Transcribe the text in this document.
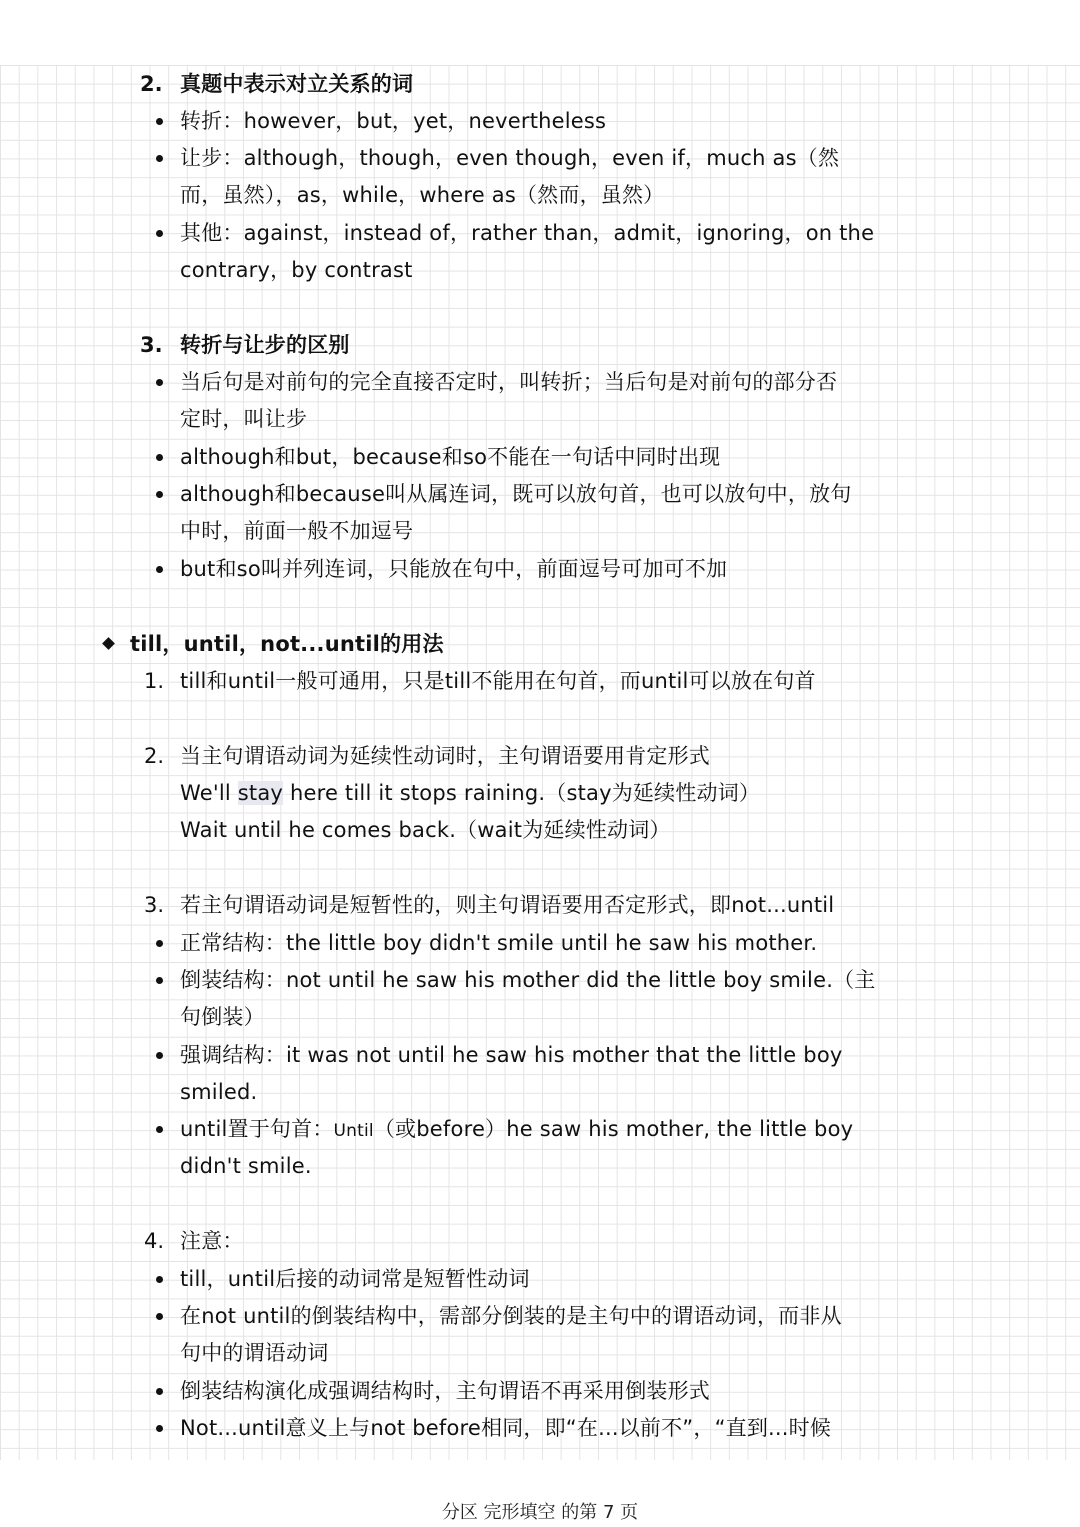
2. 真题中表示对立关系的词
转折：however，but，yet，nevertheless
让步：although，though，even though，even if，much as（然
而，虽然），as，while，where as（然而，虽然）
其他：against，instead of，rather than，admit，ignoring，on the
contrary，by contrast
3. 转折与让步的区别
当后句是对前句的完全直接否定时，叫转折；当后句是对前句的部分否
定时，叫让步
although和but，because和so不能在一句话中同时出现
although和because叫从属连词，既可以放句首，也可以放句中，放句
中时，前面一般不加逗号
but和so叫并列连词，只能放在句中，前面逗号可加可不加
till，until，not...until的用法
1. till和until一般可通用，只是till不能用在句首，而until可以放在句首
2. 当主句谓语动词为延续性动词时，主句谓语要用肯定形式
We'll stay here till it stops raining.（stay为延续性动词）
Wait until he comes back.（wait为延续性动词）
3. 若主句谓语动词是短暂性的，则主句谓语要用否定形式，即not...until
正常结构：the little boy didn't smile until he saw his mother.
倒装结构：not until he saw his mother did the little boy smile.（主
句倒装）
强调结构：it was not until he saw his mother that the little boy
smiled.
until置于句首：Until（或before）he saw his mother, the little boy
didn't smile.
4. 注意：
till，until后接的动词常是短暂性动词
在not until的倒装结构中，需部分倒装的是主句中的谓语动词，而非从
句中的谓语动词
倒装结构演化成强调结构时，主句谓语不再采用倒装形式
Not...until意义上与not before相同，即“在...以前不”，“直到...时候
分区 完形填空 的第 7 页
